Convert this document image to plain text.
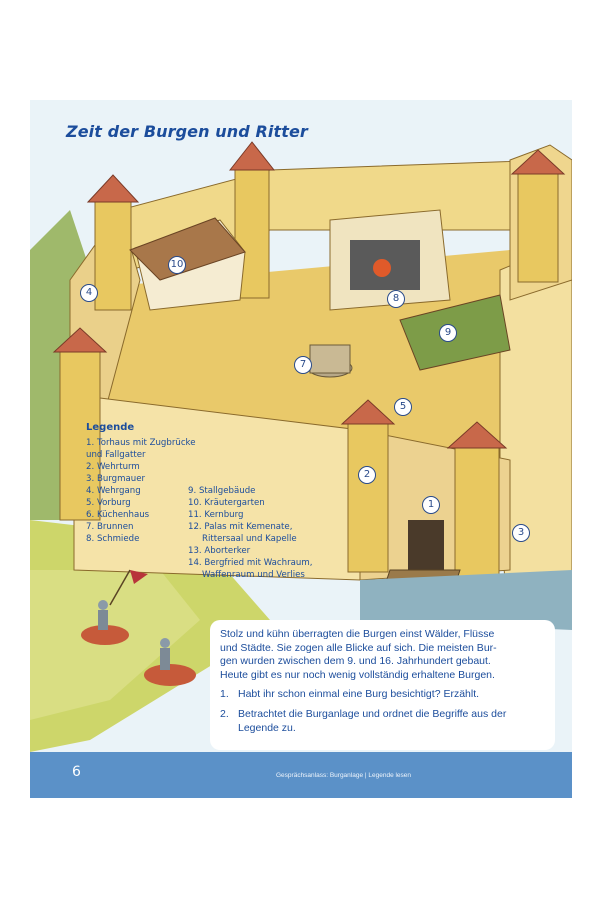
Zeit der Burgen und Ritter
10
4
8
9
7
5
2
1
3
Legende
1. Torhaus mit Zugbrücke
und Fallgatter
2. Wehrturm
3. Burgmauer
4. Wehrgang
5. Vorburg
6. Küchenhaus
7. Brunnen
8. Schmiede
9. Stallgebäude
10. Kräutergarten
11. Kernburg
12. Palas mit Kemenate,
Rittersaal und Kapelle
13. Aborterker
14. Bergfried mit Wachraum,
Waffenraum und Verlies
Stolz und kühn überragten die Burgen einst Wälder, Flüsse
und Städte. Sie zogen alle Blicke auf sich. Die meisten Bur-
gen wurden zwischen dem 9. und 16. Jahrhundert gebaut.
Heute gibt es nur noch wenig vollständig erhaltene Burgen.
1. Habt ihr schon einmal eine Burg besichtigt? Erzählt.
2. Betrachtet die Burganlage und ordnet die Begriffe aus der
Legende zu.
6	Gesprächsanlass: Burganlage | Legende lesen
